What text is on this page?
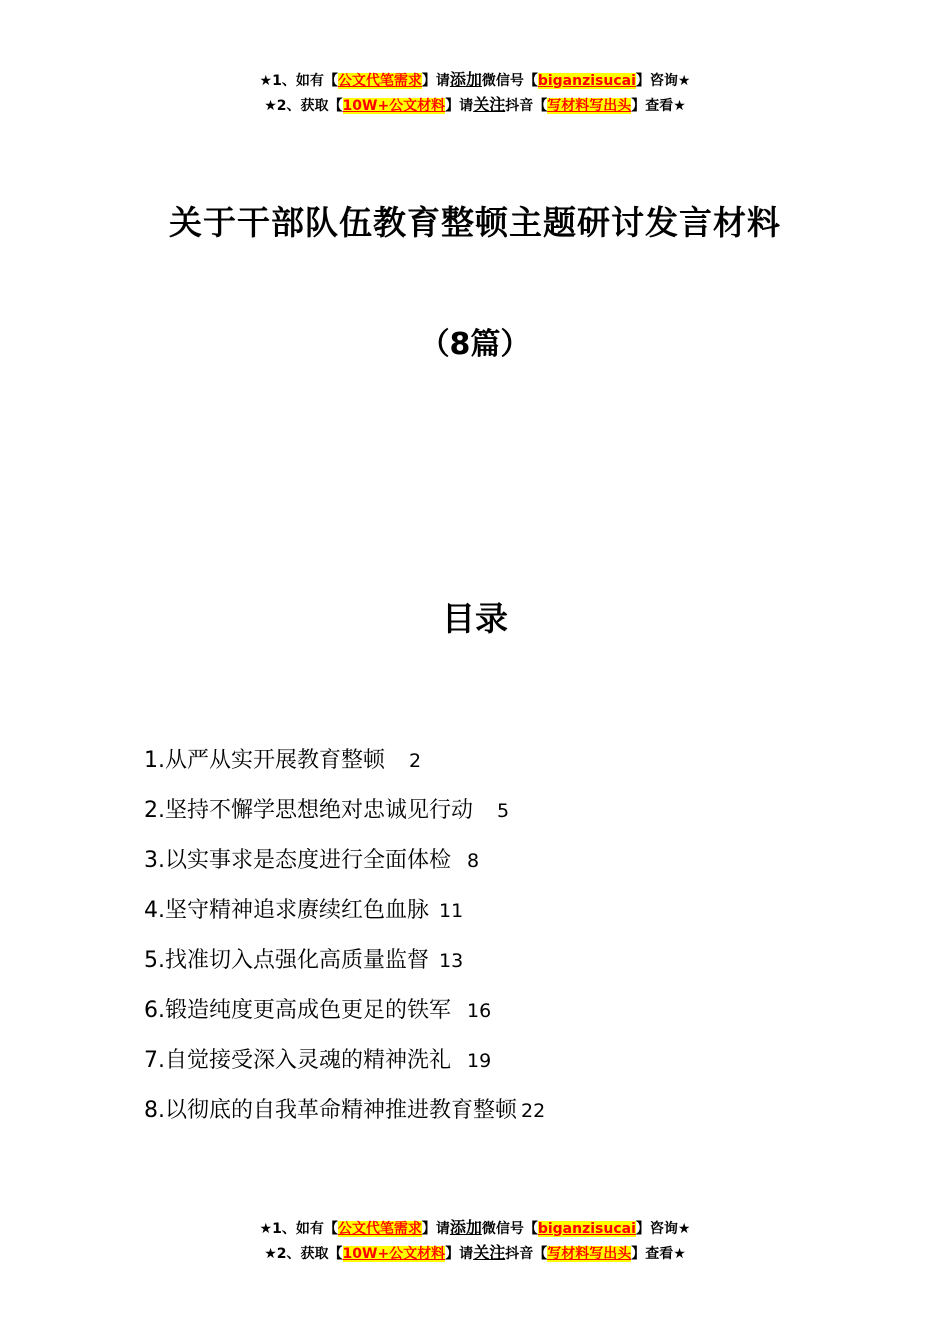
★1、如有【公文代笔需求】请添加微信号【biganzisucai】咨询★
★2、获取【10W+公文材料】请关注抖音【写材料写出头】查看★
关于干部队伍教育整顿主题研讨发言材料
（8篇）
目录
1.从严从实开展教育整顿 2
2.坚持不懈学思想绝对忠诚见行动 5
3.以实事求是态度进行全面体检 8
4.坚守精神追求赓续红色血脉 11
5.找准切入点强化高质量监督 13
6.锻造纯度更高成色更足的铁军 16
7.自觉接受深入灵魂的精神洗礼 19
8.以彻底的自我革命精神推进教育整顿 22
★1、如有【公文代笔需求】请添加微信号【biganzisucai】咨询★
★2、获取【10W+公文材料】请关注抖音【写材料写出头】查看★
